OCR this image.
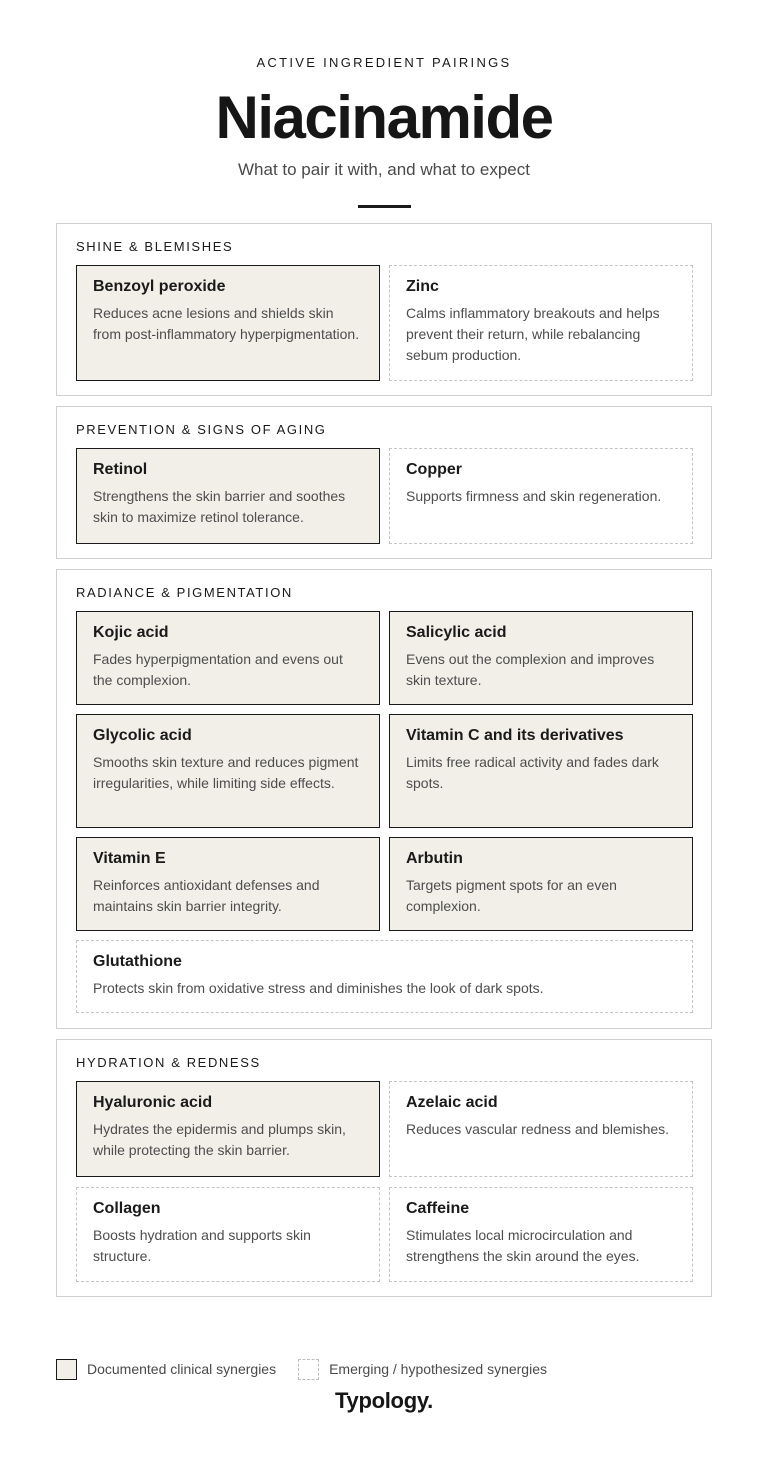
ACTIVE INGREDIENT PAIRINGS
Niacinamide
What to pair it with, and what to expect
SHINE & BLEMISHES
Benzoyl peroxide
Reduces acne lesions and shields skin from post-inflammatory hyperpigmentation.
Zinc
Calms inflammatory breakouts and helps prevent their return, while rebalancing sebum production.
PREVENTION & SIGNS OF AGING
Retinol
Strengthens the skin barrier and soothes skin to maximize retinol tolerance.
Copper
Supports firmness and skin regeneration.
RADIANCE & PIGMENTATION
Kojic acid
Fades hyperpigmentation and evens out the complexion.
Salicylic acid
Evens out the complexion and improves skin texture.
Glycolic acid
Smooths skin texture and reduces pigment irregularities, while limiting side effects.
Vitamin C and its derivatives
Limits free radical activity and fades dark spots.
Vitamin E
Reinforces antioxidant defenses and maintains skin barrier integrity.
Arbutin
Targets pigment spots for an even complexion.
Glutathione
Protects skin from oxidative stress and diminishes the look of dark spots.
HYDRATION & REDNESS
Hyaluronic acid
Hydrates the epidermis and plumps skin, while protecting the skin barrier.
Azelaic acid
Reduces vascular redness and blemishes.
Collagen
Boosts hydration and supports skin structure.
Caffeine
Stimulates local microcirculation and strengthens the skin around the eyes.
Documented clinical synergies	Emerging / hypothesized synergies
Typology.
